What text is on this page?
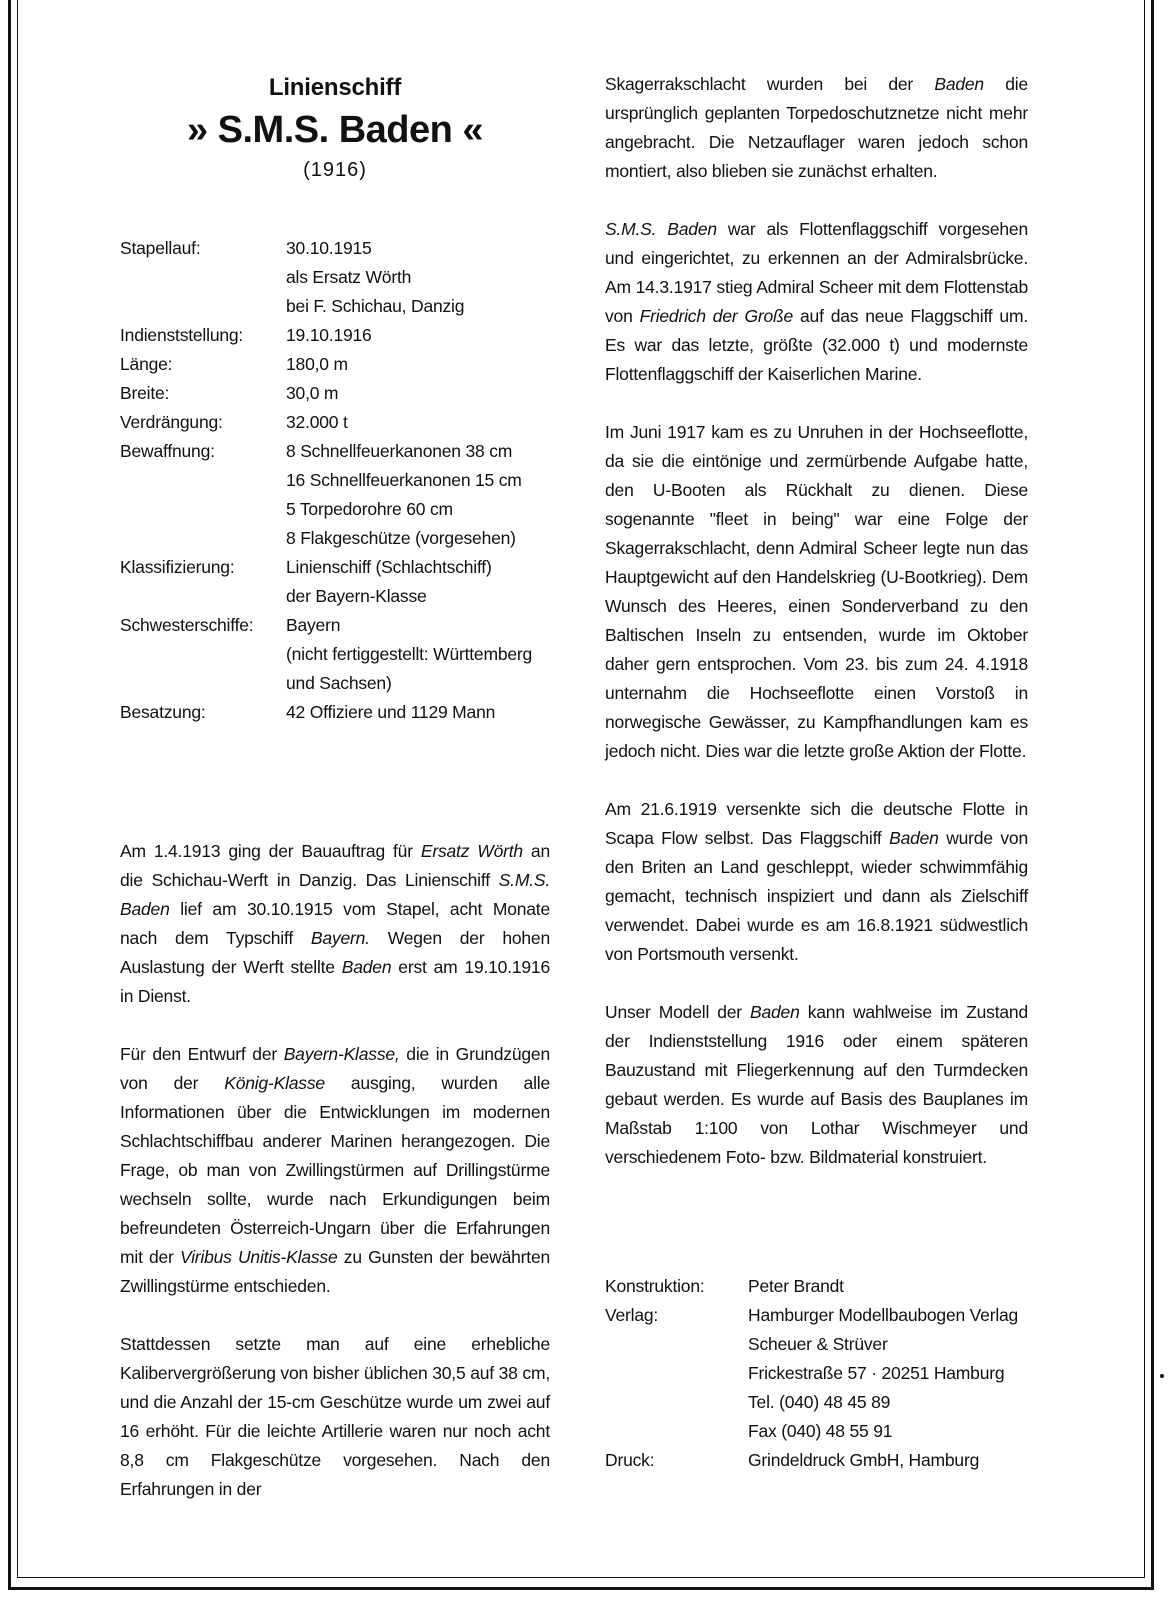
Linienschiff
» S.M.S. Baden «
(1916)
Stapellauf:	30.10.1915
als Ersatz Wörth
bei F. Schichau, Danzig
Indienststellung:	19.10.1916
Länge:	180,0 m
Breite:	30,0 m
Verdrängung:	32.000 t
Bewaffnung:	8 Schnellfeuerkanonen 38 cm
16 Schnellfeuerkanonen 15 cm
5 Torpedorohre 60 cm
8 Flakgeschütze (vorgesehen)
Klassifizierung:	Linienschiff (Schlachtschiff)
der Bayern-Klasse
Schwesterschiffe:	Bayern
(nicht fertiggestellt: Württemberg
und Sachsen)
Besatzung:	42 Offiziere und 1129 Mann

Am 1.4.1913 ging der Bauauftrag für Ersatz Wörth an die Schichau-Werft in Danzig. Das Linienschiff S.M.S. Baden lief am 30.10.1915 vom Stapel, acht Monate nach dem Typschiff Bayern. Wegen der hohen Auslastung der Werft stellte Baden erst am 19.10.1916 in Dienst.

Für den Entwurf der Bayern-Klasse, die in Grundzügen von der König-Klasse ausging, wurden alle Informationen über die Entwicklungen im modernen Schlachtschiffbau anderer Marinen herangezogen. Die Frage, ob man von Zwillingstürmen auf Drillingstürme wechseln sollte, wurde nach Erkundigungen beim befreundeten Österreich-Ungarn über die Erfahrungen mit der Viribus Unitis-Klasse zu Gunsten der bewährten Zwillingstürme entschieden.

Stattdessen setzte man auf eine erhebliche Kalibervergrößerung von bisher üblichen 30,5 auf 38 cm, und die Anzahl der 15-cm Geschütze wurde um zwei auf 16 erhöht. Für die leichte Artillerie waren nur noch acht 8,8 cm Flakgeschütze vorgesehen. Nach den Erfahrungen in der

Skagerrakschlacht wurden bei der Baden die ursprünglich geplanten Torpedoschutznetze nicht mehr angebracht. Die Netzauflager waren jedoch schon montiert, also blieben sie zunächst erhalten.

S.M.S. Baden war als Flottenflaggschiff vorgesehen und eingerichtet, zu erkennen an der Admiralsbrücke. Am 14.3.1917 stieg Admiral Scheer mit dem Flottenstab von Friedrich der Große auf das neue Flaggschiff um. Es war das letzte, größte (32.000 t) und modernste Flottenflaggschiff der Kaiserlichen Marine.

Im Juni 1917 kam es zu Unruhen in der Hochseeflotte, da sie die eintönige und zermürbende Aufgabe hatte, den U-Booten als Rückhalt zu dienen. Diese sogenannte "fleet in being" war eine Folge der Skagerrakschlacht, denn Admiral Scheer legte nun das Hauptgewicht auf den Handelskrieg (U-Bootkrieg). Dem Wunsch des Heeres, einen Sonderverband zu den Baltischen Inseln zu entsenden, wurde im Oktober daher gern entsprochen. Vom 23. bis zum 24. 4.1918 unternahm die Hochseeflotte einen Vorstoß in norwegische Gewässer, zu Kampfhandlungen kam es jedoch nicht. Dies war die letzte große Aktion der Flotte.

Am 21.6.1919 versenkte sich die deutsche Flotte in Scapa Flow selbst. Das Flaggschiff Baden wurde von den Briten an Land geschleppt, wieder schwimmfähig gemacht, technisch inspiziert und dann als Zielschiff verwendet. Dabei wurde es am 16.8.1921 südwestlich von Portsmouth versenkt.

Unser Modell der Baden kann wahlweise im Zustand der Indienststellung 1916 oder einem späteren Bauzustand mit Fliegerkennung auf den Turmdecken gebaut werden. Es wurde auf Basis des Bauplanes im Maßstab 1:100 von Lothar Wischmeyer und verschiedenem Foto- bzw. Bildmaterial konstruiert.

Konstruktion:	Peter Brandt
Verlag:	Hamburger Modellbaubogen Verlag
Scheuer & Strüver
Frickestraße 57 · 20251 Hamburg
Tel. (040) 48 45 89
Fax (040) 48 55 91
Druck:	Grindeldruck GmbH, Hamburg
